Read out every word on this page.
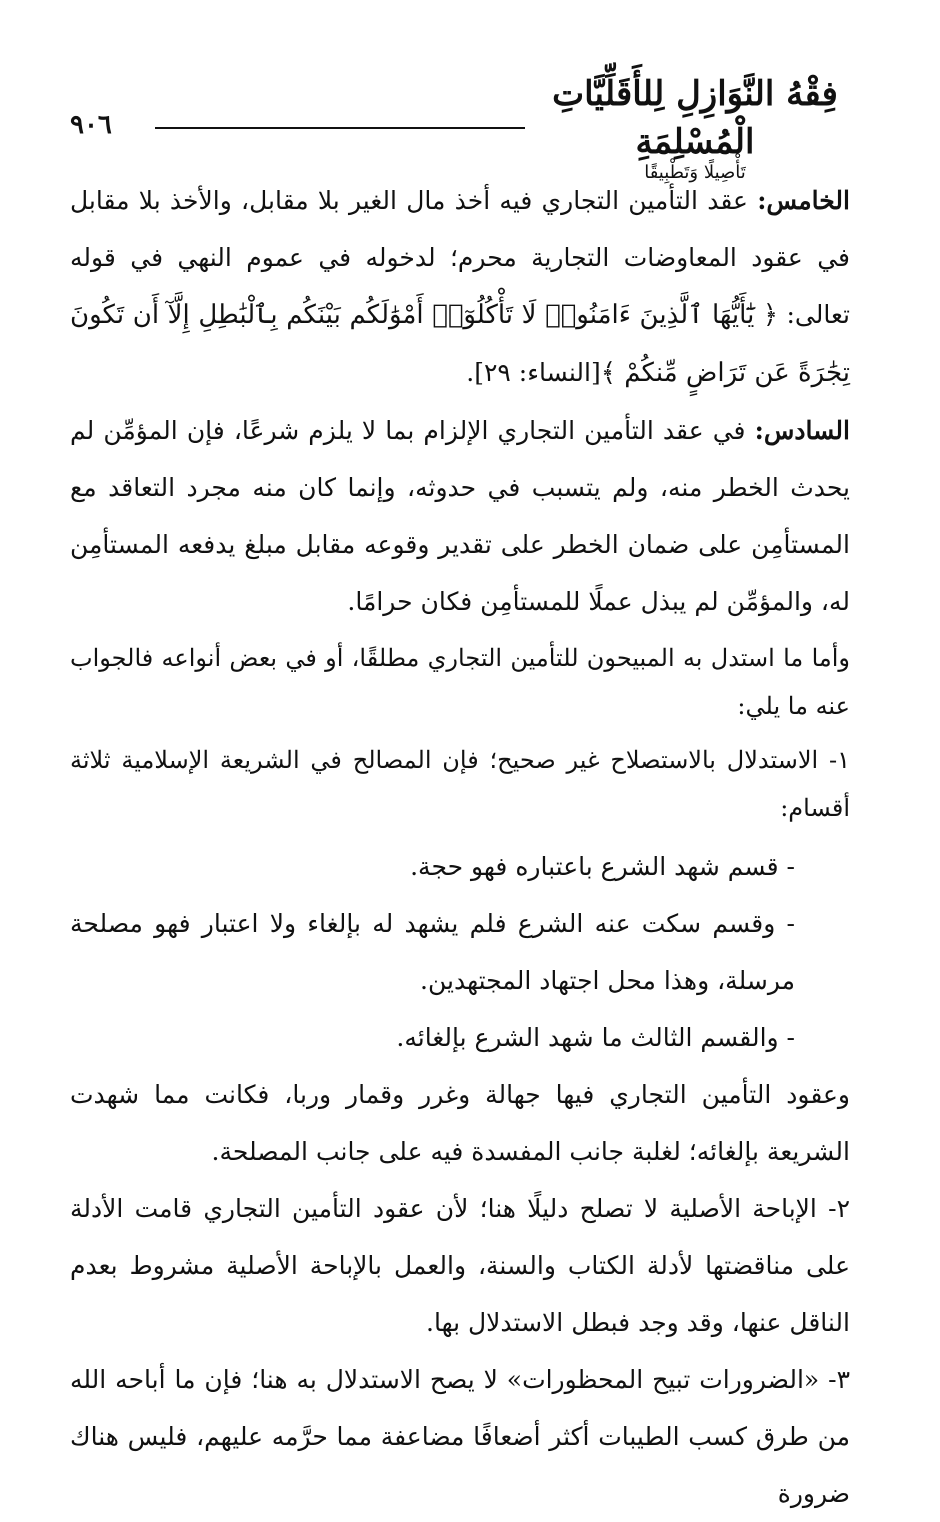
٩٠٦
فِقْهُ النَّوَازِلِ لِلأَقَلِّيَّاتِ الْمُسْلِمَةِ
تَأْصِيلًا وَتَطْبِيقًا

الخامس: عقد التأمين التجاري فيه أخذ مال الغير بلا مقابل، والأخذ بلا مقابل في عقود المعاوضات التجارية محرم؛ لدخوله في عموم النهي في قوله تعالى: ﴿ يَٰٓأَيُّهَا ٱلَّذِينَ ءَامَنُوا۟ لَا تَأْكُلُوٓا۟ أَمْوَٰلَكُم بَيْنَكُم بِٱلْبَٰطِلِ إِلَّآ أَن تَكُونَ تِجَٰرَةً عَن تَرَاضٍ مِّنكُمْ ﴾[النساء: ٢٩].

السادس: في عقد التأمين التجاري الإلزام بما لا يلزم شرعًا، فإن المؤمِّن لم يحدث الخطر منه، ولم يتسبب في حدوثه، وإنما كان منه مجرد التعاقد مع المستأمِن على ضمان الخطر على تقدير وقوعه مقابل مبلغ يدفعه المستأمِن له، والمؤمِّن لم يبذل عملًا للمستأمِن فكان حرامًا.

وأما ما استدل به المبيحون للتأمين التجاري مطلقًا، أو في بعض أنواعه فالجواب عنه ما يلي:

١- الاستدلال بالاستصلاح غير صحيح؛ فإن المصالح في الشريعة الإسلامية ثلاثة أقسام:

- قسم شهد الشرع باعتباره فهو حجة.

- وقسم سكت عنه الشرع فلم يشهد له بإلغاء ولا اعتبار فهو مصلحة مرسلة، وهذا محل اجتهاد المجتهدين.

- والقسم الثالث ما شهد الشرع بإلغائه.

وعقود التأمين التجاري فيها جهالة وغرر وقمار وربا، فكانت مما شهدت الشريعة بإلغائه؛ لغلبة جانب المفسدة فيه على جانب المصلحة.

٢- الإباحة الأصلية لا تصلح دليلًا هنا؛ لأن عقود التأمين التجاري قامت الأدلة على مناقضتها لأدلة الكتاب والسنة، والعمل بالإباحة الأصلية مشروط بعدم الناقل عنها، وقد وجد فبطل الاستدلال بها.

٣- «الضرورات تبيح المحظورات» لا يصح الاستدلال به هنا؛ فإن ما أباحه الله من طرق كسب الطيبات أكثر أضعافًا مضاعفة مما حرَّمه عليهم، فليس هناك ضرورة
